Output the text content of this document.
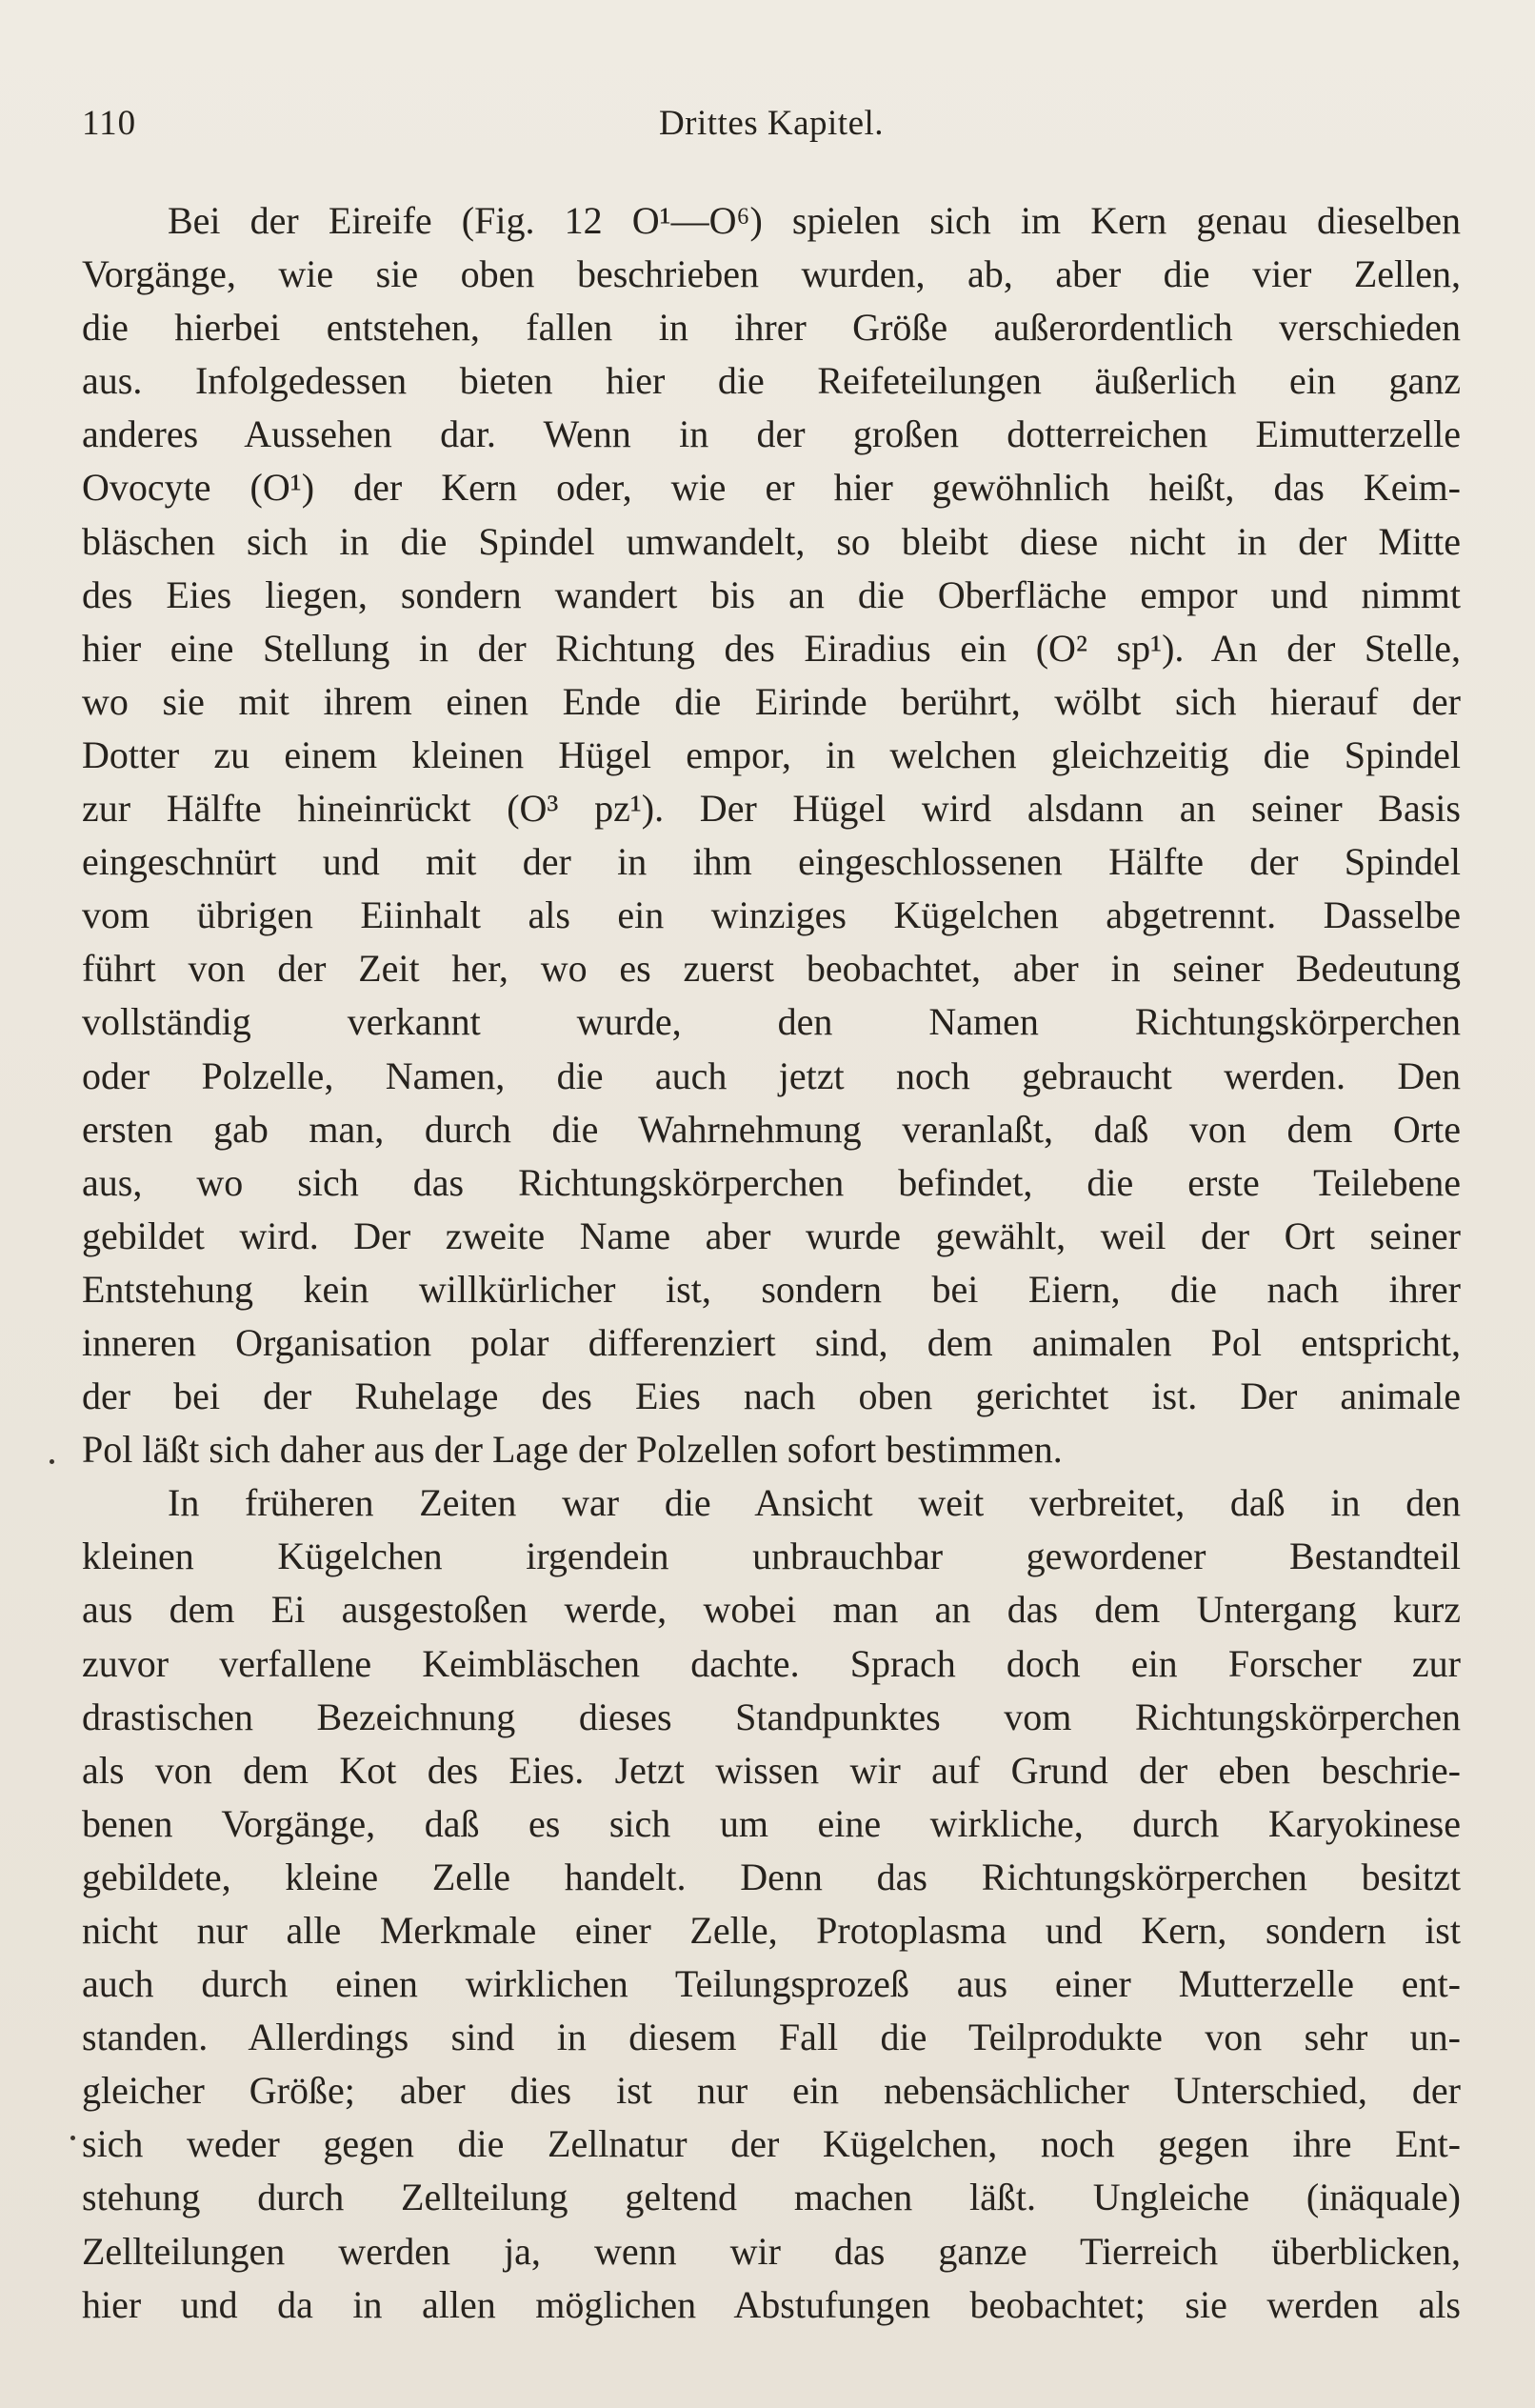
110	Drittes Kapitel.
Bei der Eireife (Fig. 12 O¹—O⁶) spielen sich im Kern genau dieselben
Vorgänge, wie sie oben beschrieben wurden, ab, aber die vier Zellen,
die hierbei entstehen, fallen in ihrer Größe außerordentlich verschieden
aus. Infolgedessen bieten hier die Reifeteilungen äußerlich ein ganz
anderes Aussehen dar. Wenn in der großen dotterreichen Eimutterzelle
Ovocyte (O¹) der Kern oder, wie er hier gewöhnlich heißt, das Keim-
bläschen sich in die Spindel umwandelt, so bleibt diese nicht in der Mitte
des Eies liegen, sondern wandert bis an die Oberfläche empor und nimmt
hier eine Stellung in der Richtung des Eiradius ein (O² sp¹). An der Stelle,
wo sie mit ihrem einen Ende die Eirinde berührt, wölbt sich hierauf der
Dotter zu einem kleinen Hügel empor, in welchen gleichzeitig die Spindel
zur Hälfte hineinrückt (O³ pz¹). Der Hügel wird alsdann an seiner Basis
eingeschnürt und mit der in ihm eingeschlossenen Hälfte der Spindel
vom übrigen Eiinhalt als ein winziges Kügelchen abgetrennt. Dasselbe
führt von der Zeit her, wo es zuerst beobachtet, aber in seiner Bedeutung
vollständig verkannt wurde, den Namen Richtungskörperchen
oder Polzelle, Namen, die auch jetzt noch gebraucht werden. Den
ersten gab man, durch die Wahrnehmung veranlaßt, daß von dem Orte
aus, wo sich das Richtungskörperchen befindet, die erste Teilebene
gebildet wird. Der zweite Name aber wurde gewählt, weil der Ort seiner
Entstehung kein willkürlicher ist, sondern bei Eiern, die nach ihrer
inneren Organisation polar differenziert sind, dem animalen Pol entspricht,
der bei der Ruhelage des Eies nach oben gerichtet ist. Der animale
Pol läßt sich daher aus der Lage der Polzellen sofort bestimmen.
In früheren Zeiten war die Ansicht weit verbreitet, daß in den
kleinen Kügelchen irgendein unbrauchbar gewordener Bestandteil
aus dem Ei ausgestoßen werde, wobei man an das dem Untergang kurz
zuvor verfallene Keimbläschen dachte. Sprach doch ein Forscher zur
drastischen Bezeichnung dieses Standpunktes vom Richtungskörperchen
als von dem Kot des Eies. Jetzt wissen wir auf Grund der eben beschrie-
benen Vorgänge, daß es sich um eine wirkliche, durch Karyokinese
gebildete, kleine Zelle handelt. Denn das Richtungskörperchen besitzt
nicht nur alle Merkmale einer Zelle, Protoplasma und Kern, sondern ist
auch durch einen wirklichen Teilungsprozeß aus einer Mutterzelle ent-
standen. Allerdings sind in diesem Fall die Teilprodukte von sehr un-
gleicher Größe; aber dies ist nur ein nebensächlicher Unterschied, der
sich weder gegen die Zellnatur der Kügelchen, noch gegen ihre Ent-
stehung durch Zellteilung geltend machen läßt. Ungleiche (inäquale)
Zellteilungen werden ja, wenn wir das ganze Tierreich überblicken,
hier und da in allen möglichen Abstufungen beobachtet; sie werden als
